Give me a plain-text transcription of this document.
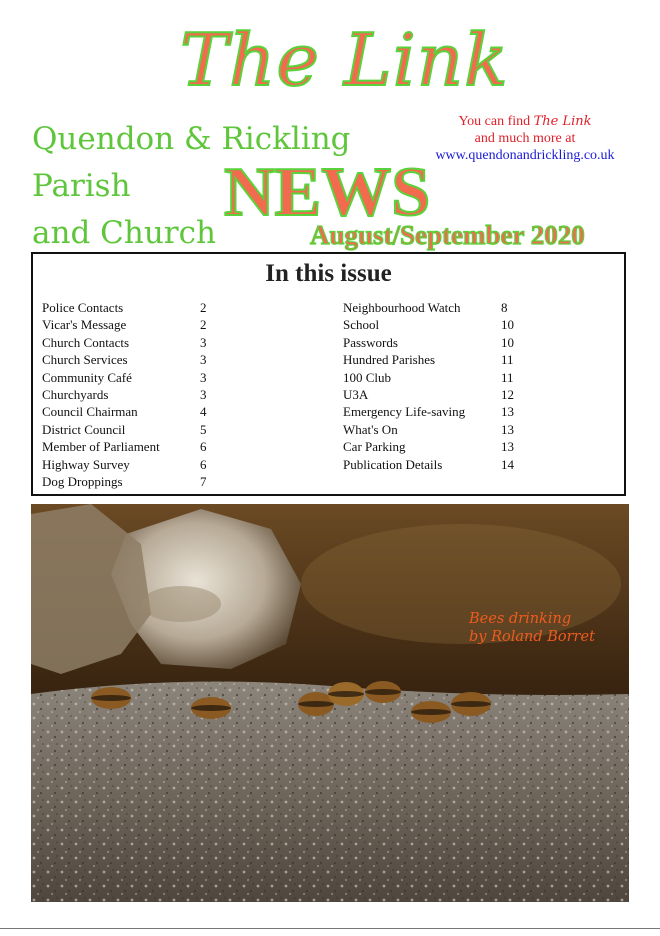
The Link
Quendon & Rickling
Parish
and Church
You can find The Link
and much more at
www.quendonandrickling.co.uk
NEWS
August/September 2020
In this issue
Police Contacts	2
Vicar's Message	2
Church Contacts	3
Church Services	3
Community Café	3
Churchyards	3
Council Chairman	4
District Council	5
Member of Parliament	6
Highway Survey	6
Dog Droppings	7
Neighbourhood Watch	8
School	10
Passwords	10
Hundred Parishes	11
100 Club	11
U3A	12
Emergency Life-saving	13
What's On	13
Car Parking	13
Publication Details	14
Bees drinking
by Roland Borret
